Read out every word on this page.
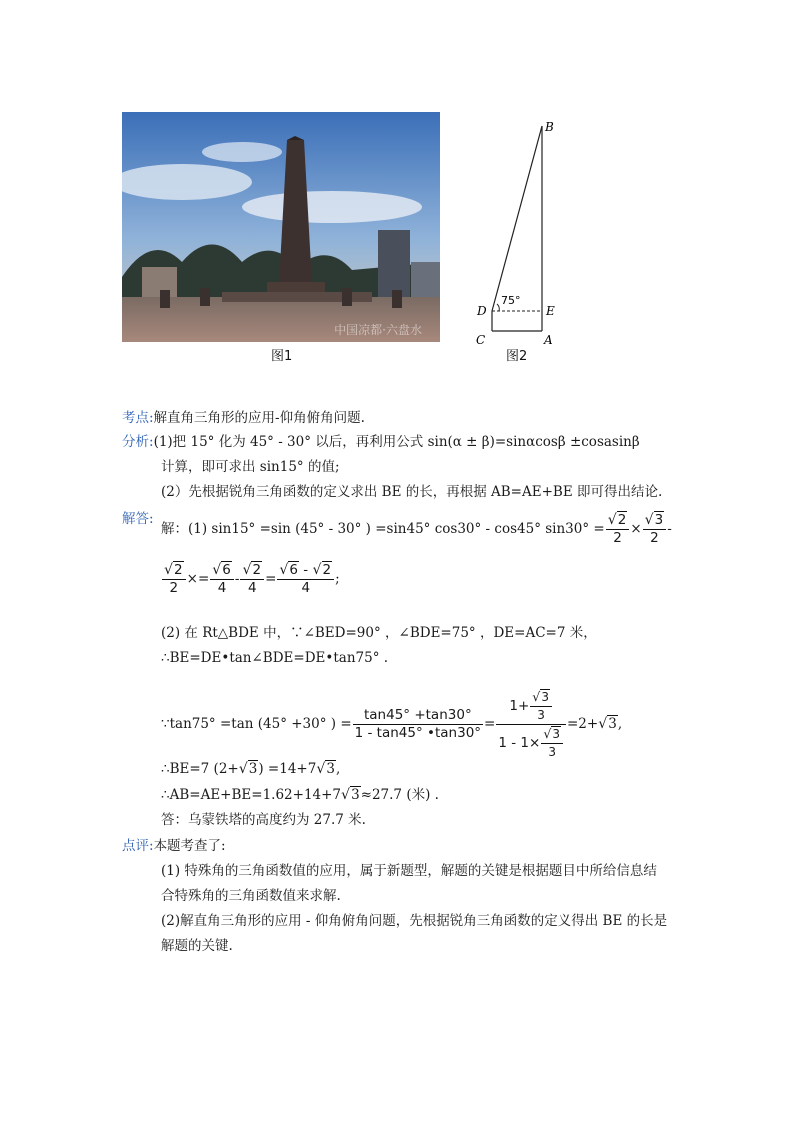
中国凉都·六盘水
图1
B
D	E
C	A
75°
图2
考点:解直角三角形的应用-仰角俯角问题.
分析:(1)把 15° 化为 45° - 30° 以后，再利用公式 sin(α ± β)=sinαcosβ ±cosasinβ
计算，即可求出 sin15° 的值;
(2）先根据锐角三角函数的定义求出 BE 的长，再根据 AB=AE+BE 即可得出结论.
解答:
解：(1) sin15° =sin (45° - 30° ) =sin45° cos30° - cos45° $\sin 30^\circ = \frac{√2}{2} \times \frac{√3}{2}$ -
$\frac{√2}{2} \times= \frac{√6}{4} - \frac{√2}{4} = \frac{√6 - √2}{4}$ ;
(2) 在 Rt△BDE 中，∵∠BED=90° ，∠BDE=75° ，DE=AC=7 米，
∴BE=DE•tan∠BDE=DE•tan75° .
∵tan75° =tan (45° +30° ) = $\frac{\tan 45^\circ +\tan 30^\circ}{1 - \tan 45^\circ •\tan 30^\circ} = \frac{1+ \frac{√3}{3}}{1 - 1\times \frac{√3}{3}} =2+√3$,
∴BE=7 (2+√3) =14+7√3,
∴AB=AE+BE=1.62+14+7√3≈27.7 (米) .
答：乌蒙铁塔的高度约为 27.7 米.
点评:本题考查了:
(1) 特殊角的三角函数值的应用，属于新题型，解题的关键是根据题目中所给信息结
合特殊角的三角函数值来求解.
(2)解直角三角形的应用 - 仰角俯角问题，先根据锐角三角函数的定义得出 BE 的长是
解题的关键.
